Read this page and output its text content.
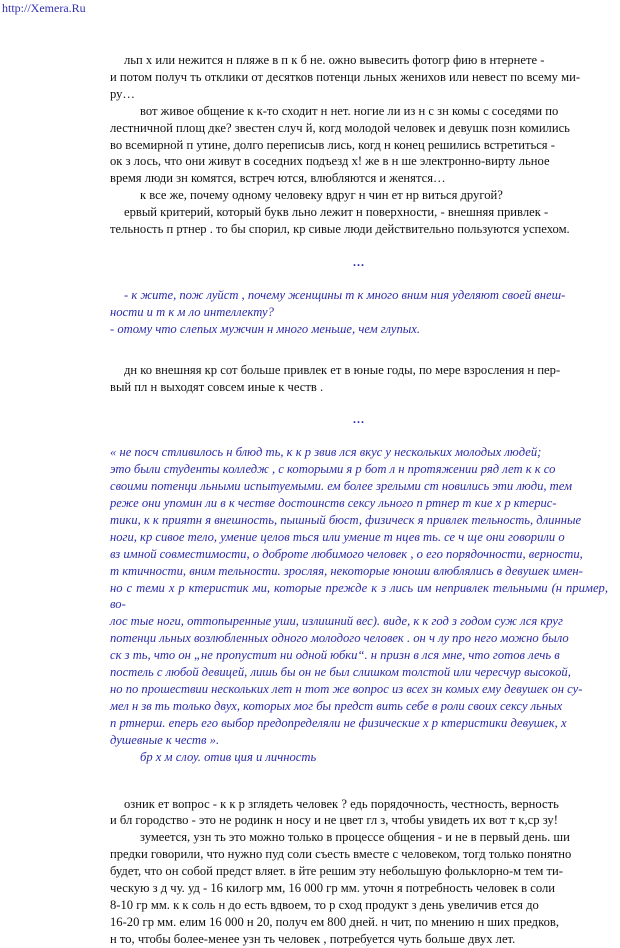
http://Xemera.Ru

льп х или нежится н пляже в п к б не. ожно вывесить фотогр фию в нтернете -
и потом получ ть отклики от десятков потенци льных женихов или невест по всему ми-
ру…

вот живое общение к к-то сходит н нет. ногие ли из н с зн комы с соседями по
лестничной площ дке? звестен случ й, когд молодой человек и девушк позн комились
во всемирной п утине, долго переписыв лись, когд н конец решились встретиться -
ок з лось, что они живут в соседних подъезд х! же в н ше электронно-вирту льное
время люди зн комятся, встреч ются, влюбляются и женятся…

к все же, почему одному человеку вдруг н чин ет нр виться другой?

ервый критерий, который букв льно лежит н поверхности, - внешняя привлек -
тельность п ртнер . то бы спорил, кр сивые люди действительно пользуются успехом.

...

- к жите, пож луйст , почему женщины т к много вним ния уделяют своей внеш-
ности и т к м ло интеллекту?
- отому что слепых мужчин н много меньше, чем глупых.

дн ко внешняя кр сот больше привлек ет в юные годы, по мере взросления н пер-
вый пл н выходят совсем иные к честв .

...

« не посч стливилось н блюд ть, к к р звив лся вкус у нескольких молодых людей;
это были студенты колледж , с которыми я р бот л н протяжении ряд лет к к со
своими потенци льными испытуемыми. ем более зрелыми ст новились эти люди, тем
реже они упомин ли в к честве достоинств сексу льного п ртнер т кие х р ктерис-
тики, к к приятн я внешность, пышный бюст, физическ я привлек тельность, длинные
ноги, кр сивое тело, умение целов ться или умение т нцев ть. се ч ще они говорили о
вз имной совместимости, о доброте любимого человек , о его порядочности, верности,
т ктичности, вним тельности. зросляя, некоторые юноши влюблялись в девушек имен-
но с теми х р ктеристик ми, которые прежде к з лись им непривлек тельными (н пример, во-
лос тые ноги, оттопыренные уши, излишний вес). виде, к к год з годом суж лся круг
потенци льных возлюбленных одного молодого человек . он ч лу про него можно было
ск з ть, что он „не пропустит ни одной юбки“. н призн в лся мне, что готов лечь в
постель с любой девицей, лишь бы он не был слишком толстой или чересчур высокой,
но по прошествии нескольких лет н тот же вопрос из всех зн комых ему девушек он су-
мел н зв ть только двух, которых мог бы предст вить себе в роли своих сексу льных
п ртнерш. еперь его выбор предопределяли не физические х р ктеристики девушек, х
душевные к честв ».

бр х м слоу. отив ция и личность

озник ет вопрос - к к р зглядеть человек ? едь порядочность, честность, верность
и бл городство - это не родинк н носу и не цвет гл з, чтобы увидеть их вот т к,ср зу!

зумеется, узн ть это можно только в процессе общения - и не в первый день. ши
предки говорили, что нужно пуд соли съесть вместе с человеком, тогд только понятно
будет, что он собой предст вляет. в йте решим эту небольшую фольклорно-м тем ти-
ческую з д чу. уд - 16 килогр мм, 16 000 гр мм. уточн я потребность человек в соли
8-10 гр мм. к к соль н до есть вдвоем, то р сход продукт з день увеличив ется до
16-20 гр мм. елим 16 000 н 20, получ ем 800 дней. н чит, по мнению н ших предков,
н то, чтобы более-менее узн ть человек , потребуется чуть больше двух лет.
